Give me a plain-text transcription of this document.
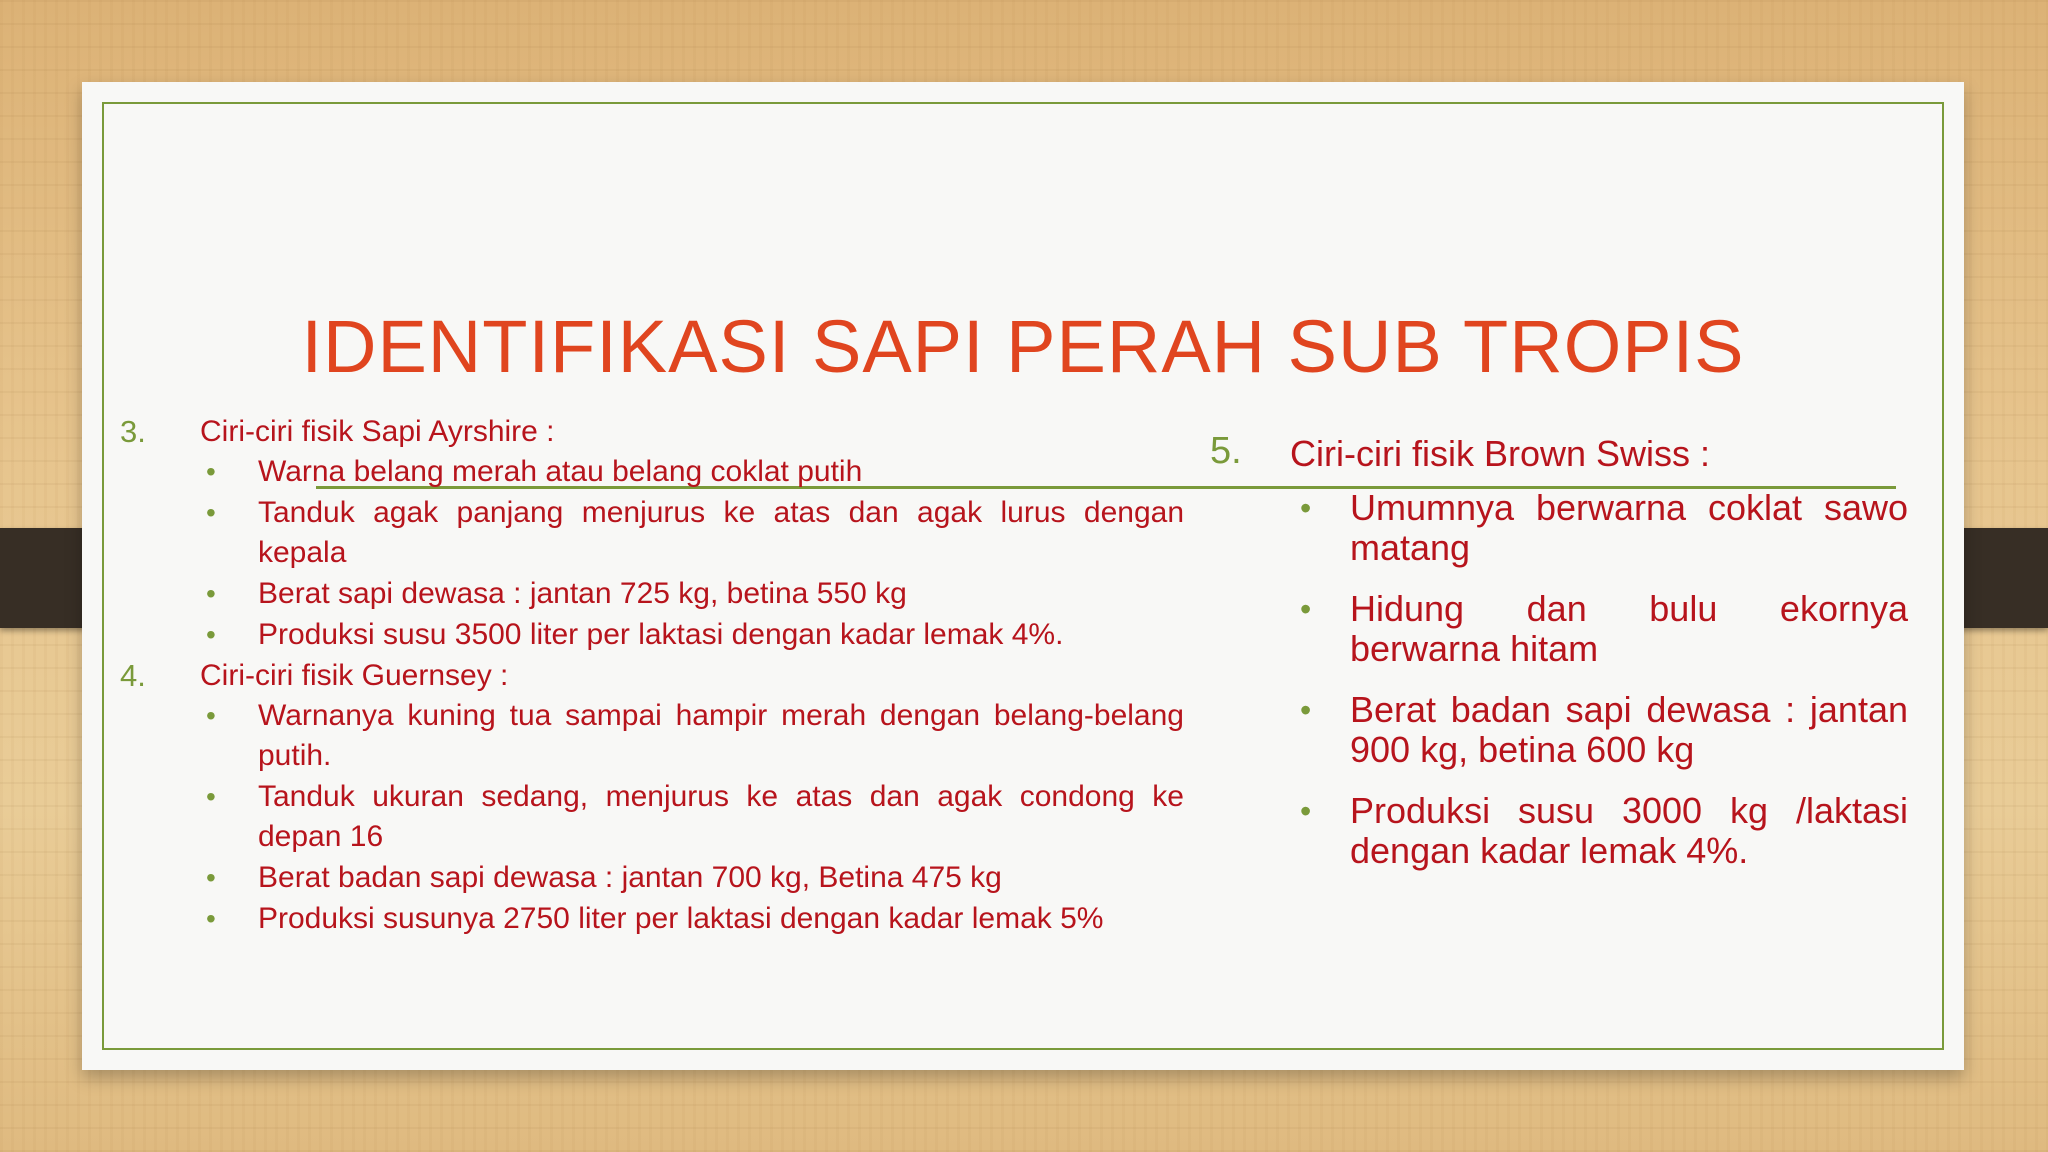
IDENTIFIKASI SAPI PERAH SUB TROPIS
3. Ciri-ciri fisik Sapi Ayrshire :
• Warna belang merah atau belang coklat putih
• Tanduk agak panjang menjurus ke atas dan agak lurus dengan kepala
• Berat sapi dewasa : jantan 725 kg, betina 550 kg
• Produksi susu 3500 liter per laktasi dengan kadar lemak 4%.
4. Ciri-ciri fisik Guernsey :
• Warnanya kuning tua sampai hampir merah dengan belang-belang putih.
• Tanduk ukuran sedang, menjurus ke atas dan agak condong ke depan 16
• Berat badan sapi dewasa : jantan 700 kg, Betina 475 kg
• Produksi susunya 2750 liter per laktasi dengan kadar lemak 5%
5. Ciri-ciri fisik Brown Swiss :
• Umumnya berwarna coklat sawo matang
• Hidung dan bulu ekornya berwarna hitam
• Berat badan sapi dewasa : jantan 900 kg, betina 600 kg
• Produksi susu 3000 kg /laktasi dengan kadar lemak 4%.
